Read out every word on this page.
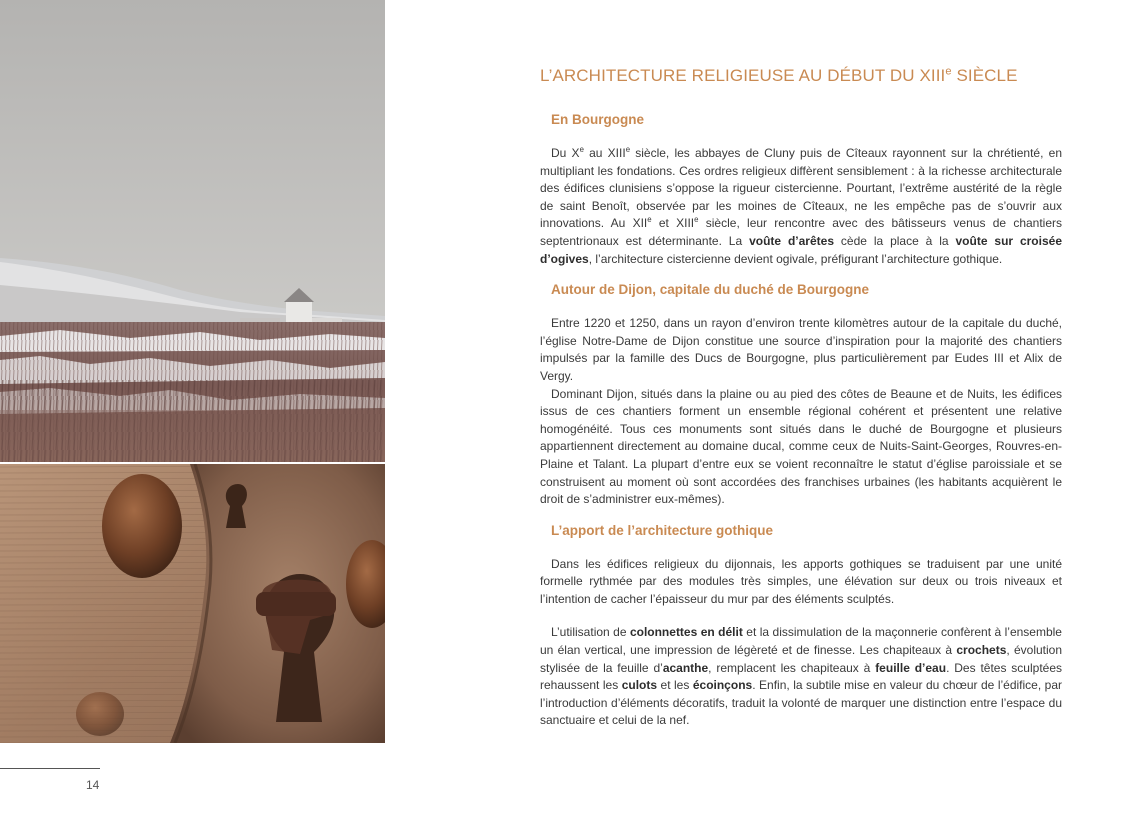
14
L’ARCHITECTURE RELIGIEUSE AU DÉBUT DU XIIIe SIÈCLE
En Bourgogne

Du Xe au XIIIe siècle, les abbayes de Cluny puis de Cîteaux rayonnent sur la chrétienté, en multipliant les fondations. Ces ordres religieux diffèrent sensiblement : à la richesse architecturale des édifices clunisiens s’oppose la rigueur cistercienne. Pourtant, l’extrême austérité de la règle de saint Benoît, observée par les moines de Cîteaux, ne les empêche pas de s’ouvrir aux innovations. Au XIIe et XIIIe siècle, leur rencontre avec des bâtisseurs venus de chantiers septentrionaux est déterminante. La voûte d’arêtes cède la place à la voûte sur croisée d’ogives, l’architecture cistercienne devient ogivale, préfigurant l’architecture gothique.

Autour de Dijon, capitale du duché de Bourgogne

Entre 1220 et 1250, dans un rayon d’environ trente kilomètres autour de la capitale du duché, l’église Notre-Dame de Dijon constitue une source d’inspiration pour la majorité des chantiers impulsés par la famille des Ducs de Bourgogne, plus particulièrement par Eudes III et Alix de Vergy.

Dominant Dijon, situés dans la plaine ou au pied des côtes de Beaune et de Nuits, les édifices issus de ces chantiers forment un ensemble régional cohérent et présentent une relative homogénéité. Tous ces monuments sont situés dans le duché de Bourgogne et plusieurs appartiennent directement au domaine ducal, comme ceux de Nuits-Saint-Georges, Rouvres-en-Plaine et Talant. La plupart d’entre eux se voient reconnaître le statut d’église paroissiale et se construisent au moment où sont accordées des franchises urbaines (les habitants acquièrent le droit de s’administrer eux-mêmes).

L’apport de l’architecture gothique

Dans les édifices religieux du dijonnais, les apports gothiques se traduisent par une unité formelle rythmée par des modules très simples, une élévation sur deux ou trois niveaux et l’intention de cacher l’épaisseur du mur par des éléments sculptés.

L’utilisation de colonnettes en délit et la dissimulation de la maçonnerie confèrent à l’ensemble un élan vertical, une impression de légèreté et de finesse. Les chapiteaux à crochets, évolution stylisée de la feuille d’acanthe, remplacent les chapiteaux à feuille d’eau. Des têtes sculptées rehaussent les culots et les écoinçons. Enfin, la subtile mise en valeur du chœur de l’édifice, par l’introduction d’éléments décoratifs, traduit la volonté de marquer une distinction entre l’espace du sanctuaire et celui de la nef.
